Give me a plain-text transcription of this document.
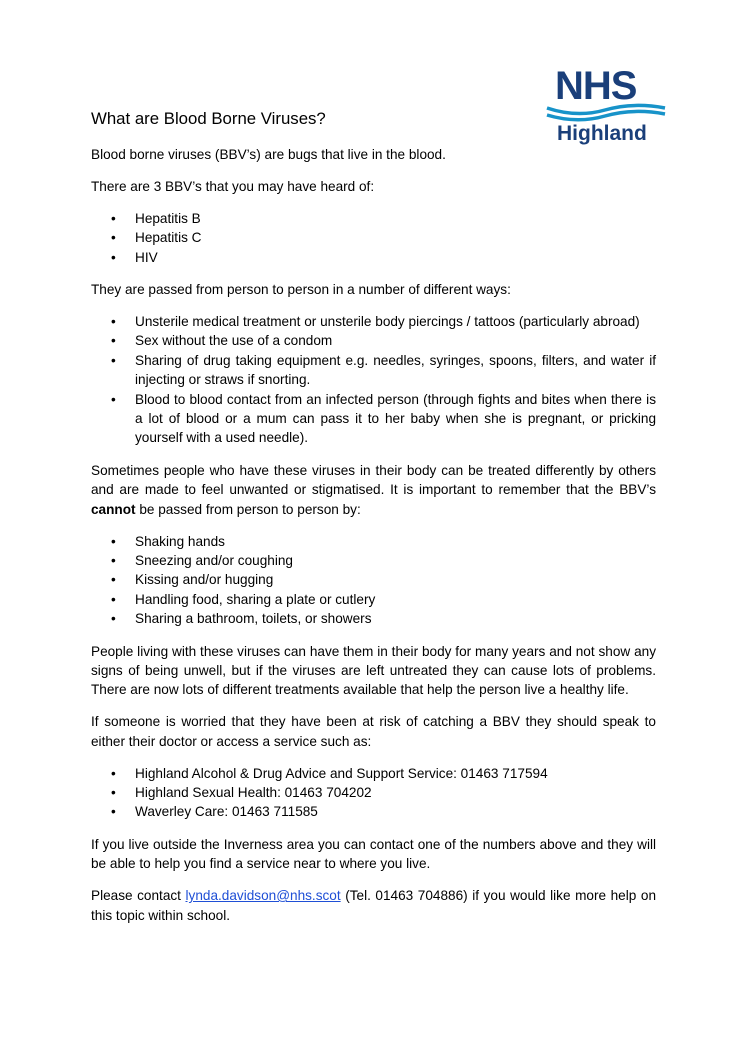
NHS
Highland
What are Blood Borne Viruses?

Blood borne viruses (BBV’s) are bugs that live in the blood.

There are 3 BBV’s that you may have heard of:

• Hepatitis B
• Hepatitis C
• HIV

They are passed from person to person in a number of different ways:

• Unsterile medical treatment or unsterile body piercings / tattoos (particularly abroad)
• Sex without the use of a condom
• Sharing of drug taking equipment e.g. needles, syringes, spoons, filters, and water if injecting or straws if snorting.
• Blood to blood contact from an infected person (through fights and bites when there is a lot of blood or a mum can pass it to her baby when she is pregnant, or pricking yourself with a used needle).

Sometimes people who have these viruses in their body can be treated differently by others and are made to feel unwanted or stigmatised. It is important to remember that the BBV’s cannot be passed from person to person by:

• Shaking hands
• Sneezing and/or coughing
• Kissing and/or hugging
• Handling food, sharing a plate or cutlery
• Sharing a bathroom, toilets, or showers

People living with these viruses can have them in their body for many years and not show any signs of being unwell, but if the viruses are left untreated they can cause lots of problems. There are now lots of different treatments available that help the person live a healthy life.

If someone is worried that they have been at risk of catching a BBV they should speak to either their doctor or access a service such as:

• Highland Alcohol & Drug Advice and Support Service: 01463 717594
• Highland Sexual Health: 01463 704202
• Waverley Care: 01463 711585

If you live outside the Inverness area you can contact one of the numbers above and they will be able to help you find a service near to where you live.

Please contact lynda.davidson@nhs.scot (Tel. 01463 704886) if you would like more help on this topic within school.
